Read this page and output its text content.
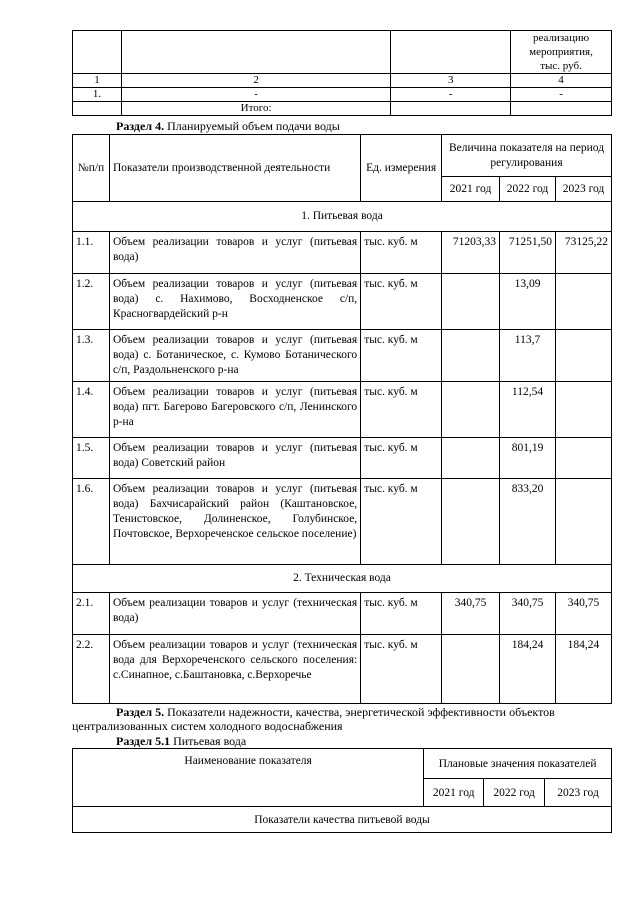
			реализацию
мероприятия,
тыс. руб.

1	2	3	4
1.	-	-	-
	Итого:		
Раздел 4. Планируемый объем подачи воды
№п/п	Показатели производственной деятельности	Ед. измерения	Величина показателя на период регулирования		
			2021 год	2022 год	2023 год
1. Питьевая вода					
1.1.	Объем реализации товаров и услуг (питьевая вода)	тыс. куб. м	71203,33	71251,50	73125,22
1.2.	Объем реализации товаров и услуг (питьевая вода) с. Нахимово, Восходненское с/п, Красногвардейский р-н	тыс. куб. м		13,09	
1.3.	Объем реализации товаров и услуг (питьевая вода) с. Ботаническое, с. Кумово Ботанического с/п, Раздольненского р-на	тыс. куб. м		113,7	
1.4.	Объем реализации товаров и услуг (питьевая вода) пгт. Багерово Багеровского с/п, Ленинского р-на	тыс. куб. м		112,54	
1.5.	Объем реализации товаров и услуг (питьевая вода) Советский район	тыс. куб. м		801,19	
1.6.	Объем реализации товаров и услуг (питьевая вода) Бахчисарайский район (Каштановское, Тенистовское, Долиненское, Голубинское, Почтовское, Верхореченское сельское поселение)	тыс. куб. м		833,20	
2. Техническая вода					
2.1.	Объем реализации товаров и услуг (техническая вода)	тыс. куб. м	340,75	340,75	340,75
2.2.	Объем реализации товаров и услуг (техническая вода для Верхореченского сельского поселения: с.Синапное, с.Баштановка, с.Верхоречье	тыс. куб. м		184,24	184,24
Раздел 5. Показатели надежности, качества, энергетической эффективности объектов централизованных систем холодного водоснабжения
Раздел 5.1 Питьевая вода
Наименование показателя	Плановые значения показателей		
	2021 год	2022 год	2023 год
Показатели качества питьевой воды			
